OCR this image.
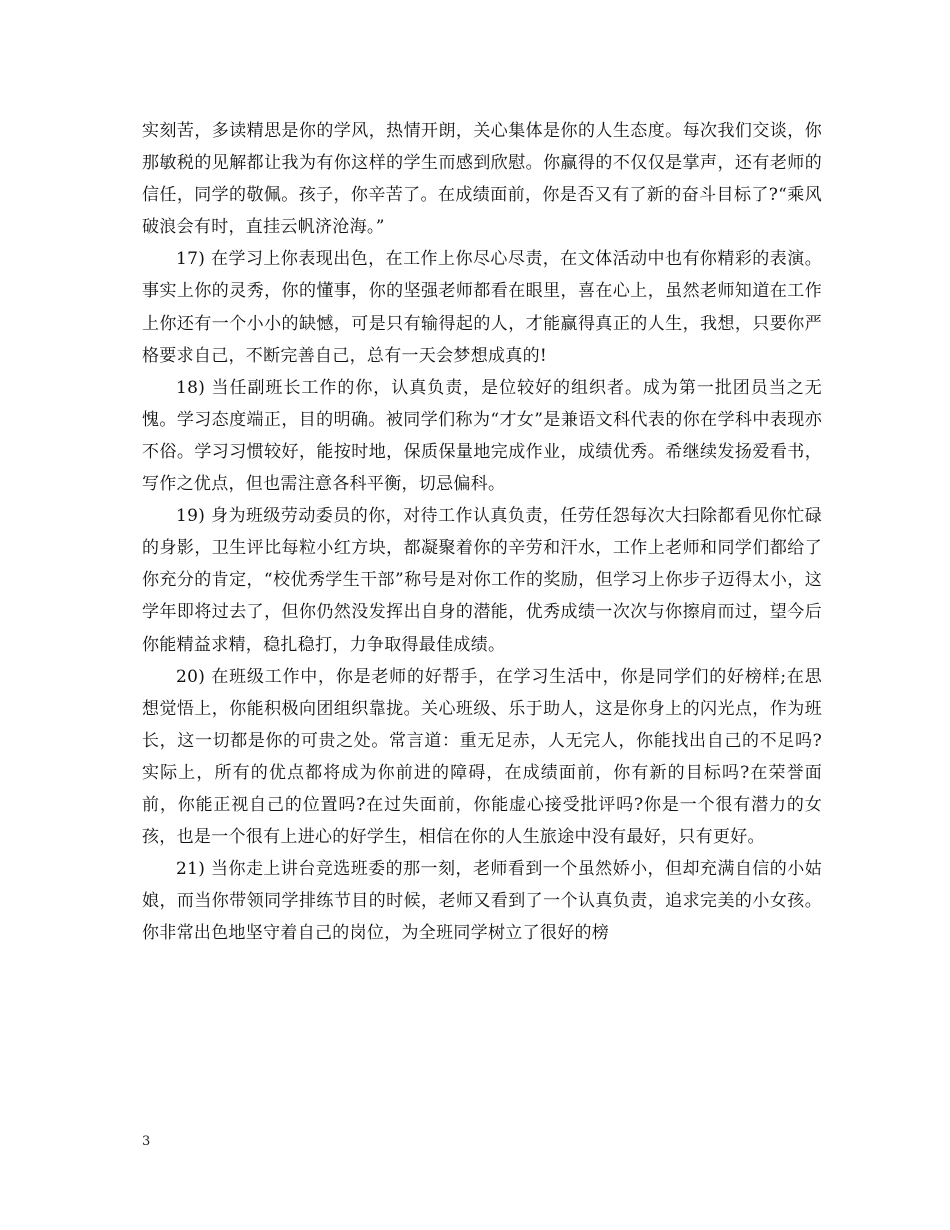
实刻苦，多读精思是你的学风，热情开朗，关心集体是你的人生态度。每次我们交谈，你那敏税的见解都让我为有你这样的学生而感到欣慰。你赢得的不仅仅是掌声，还有老师的信任，同学的敬佩。孩子，你辛苦了。在成绩面前，你是否又有了新的奋斗目标了?“乘风破浪会有时，直挂云帆济沧海。”

17) 在学习上你表现出色，在工作上你尽心尽责，在文体活动中也有你精彩的表演。事实上你的灵秀，你的懂事，你的坚强老师都看在眼里，喜在心上，虽然老师知道在工作上你还有一个小小的缺憾，可是只有输得起的人，才能赢得真正的人生，我想，只要你严格要求自己，不断完善自己，总有一天会梦想成真的!

18) 当任副班长工作的你，认真负责，是位较好的组织者。成为第一批团员当之无愧。学习态度端正，目的明确。被同学们称为“才女”是兼语文科代表的你在学科中表现亦不俗。学习习惯较好，能按时地，保质保量地完成作业，成绩优秀。希继续发扬爱看书，写作之优点，但也需注意各科平衡，切忌偏科。

19) 身为班级劳动委员的你，对待工作认真负责，任劳任怨每次大扫除都看见你忙碌的身影，卫生评比每粒小红方块，都凝聚着你的辛劳和汗水，工作上老师和同学们都给了你充分的肯定，“校优秀学生干部”称号是对你工作的奖励，但学习上你步子迈得太小，这学年即将过去了，但你仍然没发挥出自身的潜能，优秀成绩一次次与你擦肩而过，望今后你能精益求精，稳扎稳打，力争取得最佳成绩。

20) 在班级工作中，你是老师的好帮手，在学习生活中，你是同学们的好榜样;在思想觉悟上，你能积极向团组织靠拢。关心班级、乐于助人，这是你身上的闪光点，作为班长，这一切都是你的可贵之处。常言道：重无足赤，人无完人，你能找出自己的不足吗?实际上，所有的优点都将成为你前进的障碍，在成绩面前，你有新的目标吗?在荣誉面前，你能正视自己的位置吗?在过失面前，你能虚心接受批评吗?你是一个很有潜力的女孩，也是一个很有上进心的好学生，相信在你的人生旅途中没有最好，只有更好。

21) 当你走上讲台竞选班委的那一刻，老师看到一个虽然娇小，但却充满自信的小姑娘，而当你带领同学排练节目的时候，老师又看到了一个认真负责，追求完美的小女孩。你非常出色地坚守着自己的岗位，为全班同学树立了很好的榜

3
